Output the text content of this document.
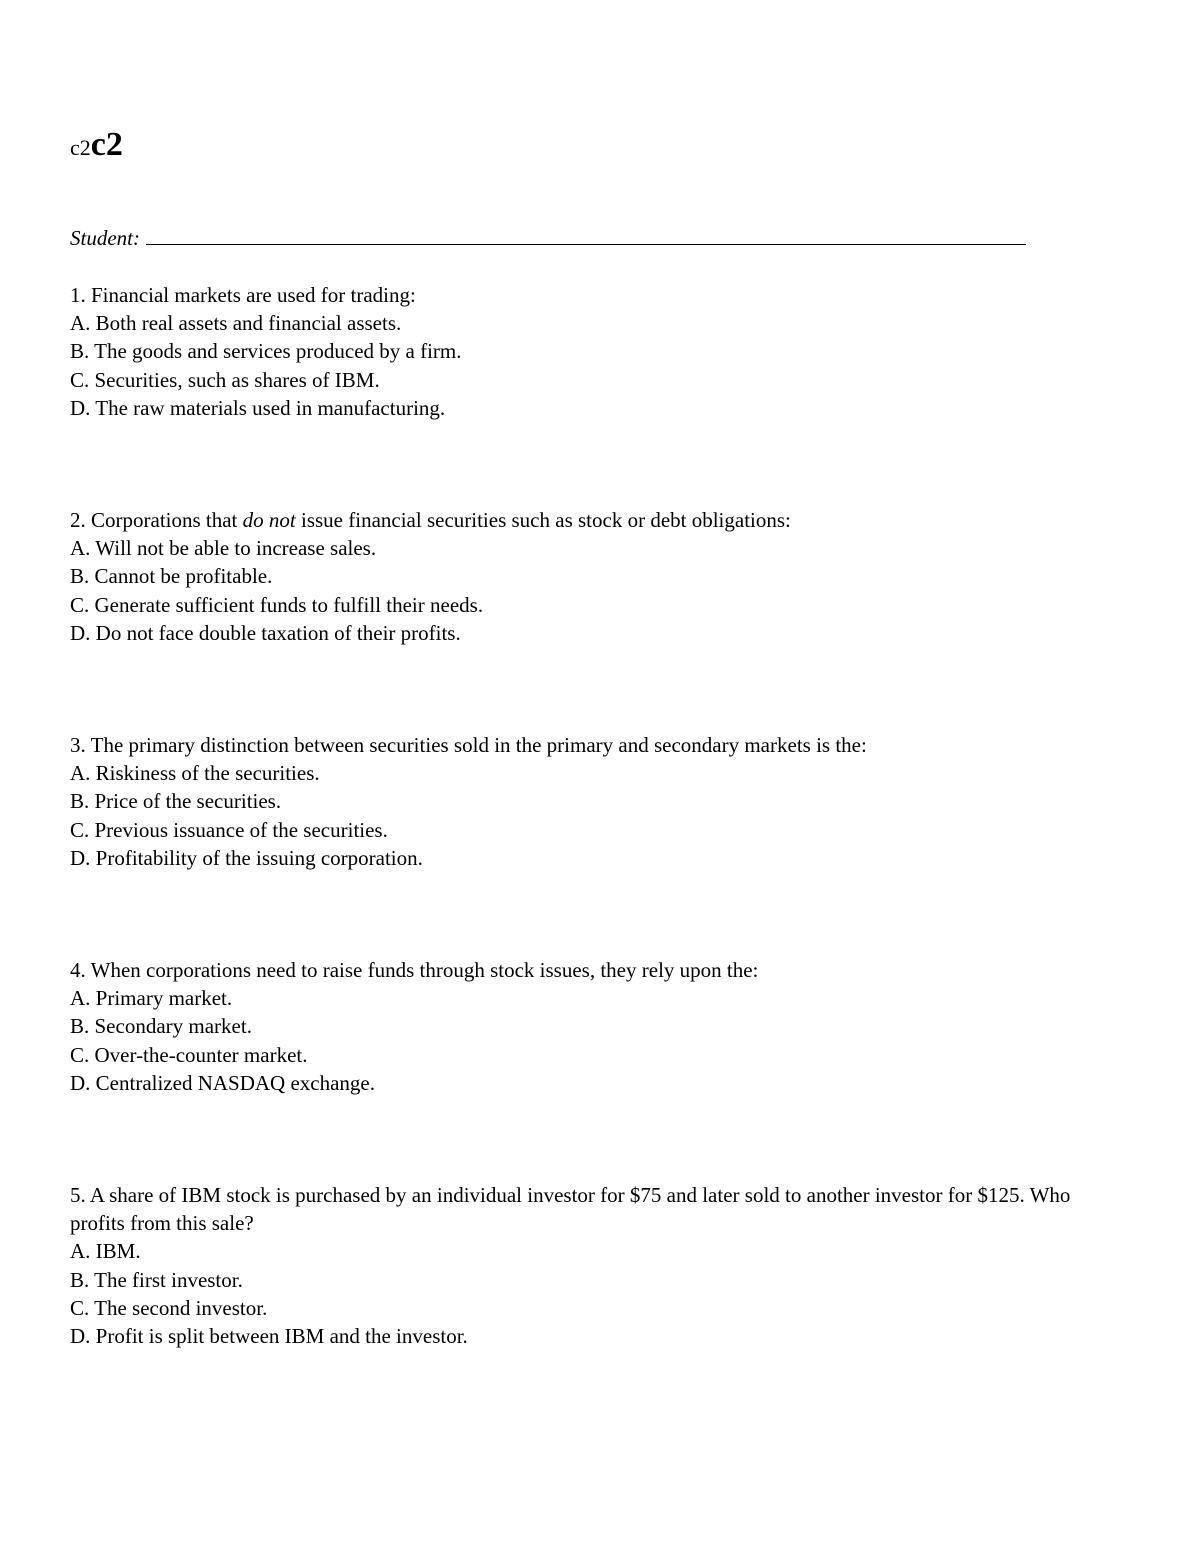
c2c2
Student:
1. Financial markets are used for trading:
A. Both real assets and financial assets.
B. The goods and services produced by a firm.
C. Securities, such as shares of IBM.
D. The raw materials used in manufacturing.
2. Corporations that do not issue financial securities such as stock or debt obligations:
A. Will not be able to increase sales.
B. Cannot be profitable.
C. Generate sufficient funds to fulfill their needs.
D. Do not face double taxation of their profits.
3. The primary distinction between securities sold in the primary and secondary markets is the:
A. Riskiness of the securities.
B. Price of the securities.
C. Previous issuance of the securities.
D. Profitability of the issuing corporation.
4. When corporations need to raise funds through stock issues, they rely upon the:
A. Primary market.
B. Secondary market.
C. Over-the-counter market.
D. Centralized NASDAQ exchange.
5. A share of IBM stock is purchased by an individual investor for $75 and later sold to another investor for $125. Who profits from this sale?
A. IBM.
B. The first investor.
C. The second investor.
D. Profit is split between IBM and the investor.
